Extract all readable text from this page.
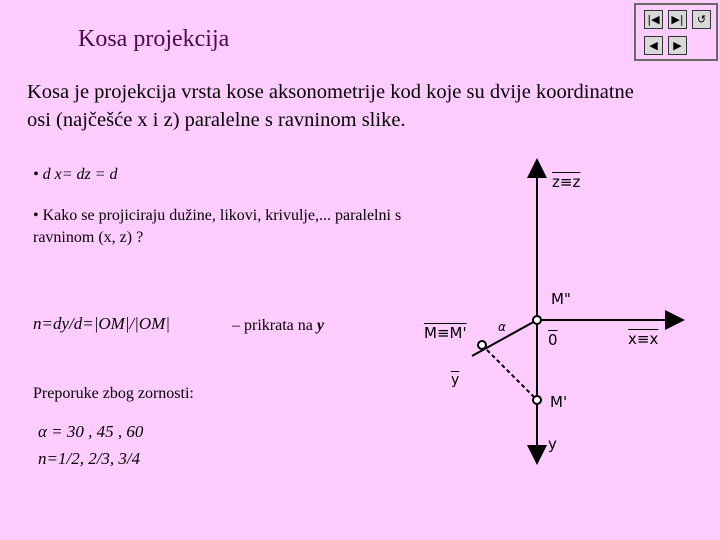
Kosa projekcija
Kosa je projekcija vrsta kose aksonometrije kod koje su dvije koordinatne osi (najčešće x i z) paralelne s ravninom slike.
• d x= dz = d
• Kako se projiciraju dužine, likovi, krivulje,... paralelni s ravninom (x, z) ?
n=dy/d=|OM|/|OM|	– prikrata na y
Preporuke zbog zornosti:
α = 30 , 45 , 60
n=1/2, 2/3, 3/4
z≡z
M"
M≡M'	α
0	x≡x
$\overline{y}$
M'
y
|◀	▶|	↺
◀	▶
